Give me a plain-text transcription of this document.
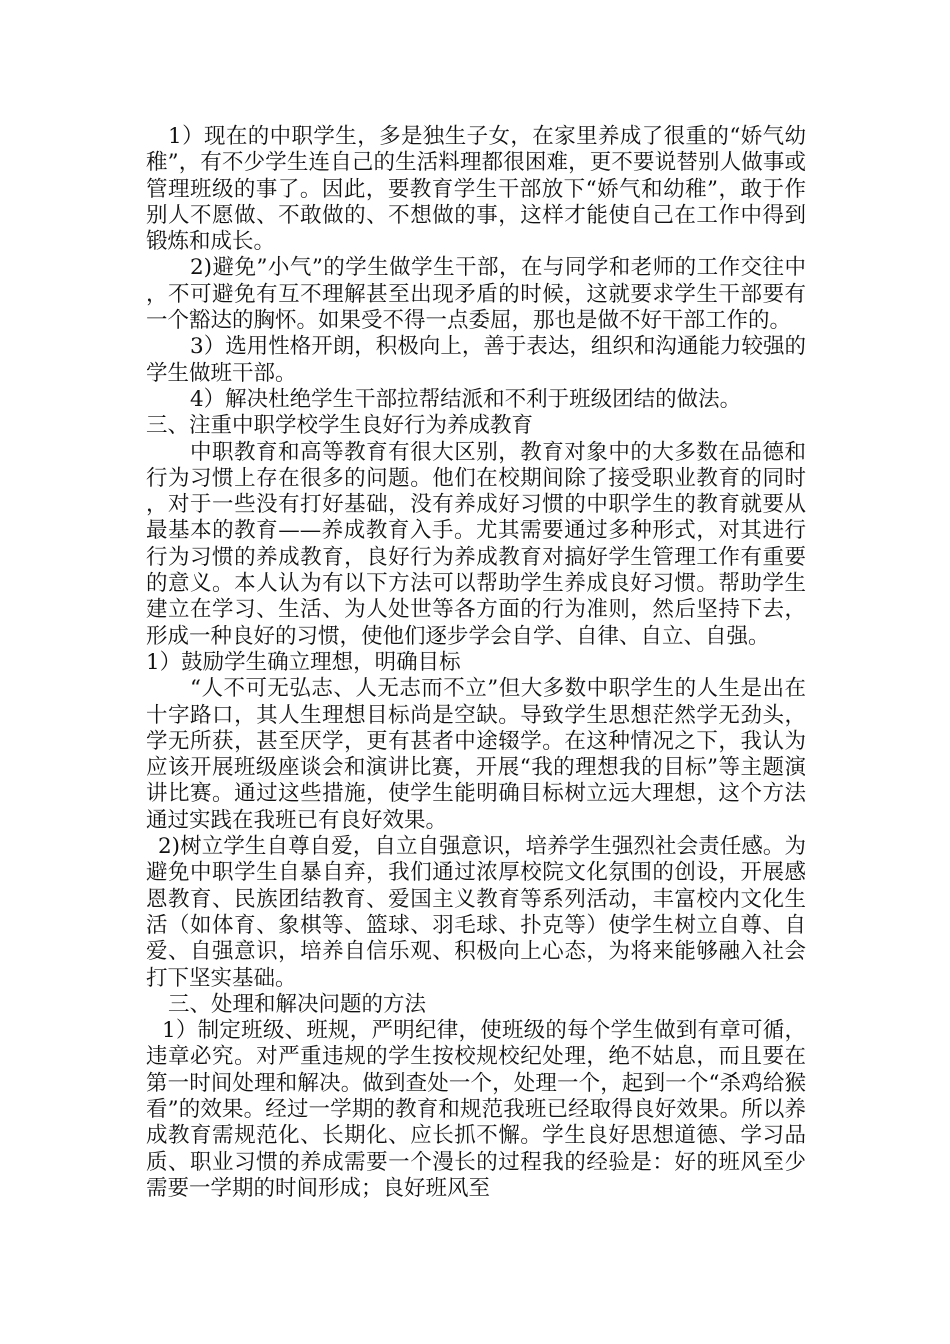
1）现在的中职学生，多是独生子女，在家里养成了很重的“娇气幼稚”，有不少学生连自己的生活料理都很困难，更不要说替别人做事或管理班级的事了。因此，要教育学生干部放下“娇气和幼稚”，敢于作别人不愿做、不敢做的、不想做的事，这样才能使自己在工作中得到锻炼和成长。

2)避免”小气”的学生做学生干部，在与同学和老师的工作交往中，不可避免有互不理解甚至出现矛盾的时候，这就要求学生干部要有一个豁达的胸怀。如果受不得一点委屈，那也是做不好干部工作的。

3）选用性格开朗，积极向上，善于表达，组织和沟通能力较强的学生做班干部。

4）解决杜绝学生干部拉帮结派和不利于班级团结的做法。

三、注重中职学校学生良好行为养成教育

中职教育和高等教育有很大区别，教育对象中的大多数在品德和行为习惯上存在很多的问题。他们在校期间除了接受职业教育的同时，对于一些没有打好基础，没有养成好习惯的中职学生的教育就要从最基本的教育——养成教育入手。尤其需要通过多种形式，对其进行行为习惯的养成教育，良好行为养成教育对搞好学生管理工作有重要的意义。本人认为有以下方法可以帮助学生养成良好习惯。帮助学生建立在学习、生活、为人处世等各方面的行为准则，然后坚持下去，形成一种良好的习惯，使他们逐步学会自学、自律、自立、自强。

1）鼓励学生确立理想，明确目标

“人不可无弘志、人无志而不立”但大多数中职学生的人生是出在十字路口，其人生理想目标尚是空缺。导致学生思想茫然学无劲头，学无所获，甚至厌学，更有甚者中途辍学。在这种情况之下，我认为应该开展班级座谈会和演讲比赛，开展“我的理想我的目标”等主题演讲比赛。通过这些措施，使学生能明确目标树立远大理想，这个方法通过实践在我班已有良好效果。

2)树立学生自尊自爱，自立自强意识，培养学生强烈社会责任感。为避免中职学生自暴自弃，我们通过浓厚校院文化氛围的创设，开展感恩教育、民族团结教育、爱国主义教育等系列活动，丰富校内文化生活（如体育、象棋等、篮球、羽毛球、扑克等）使学生树立自尊、自爱、自强意识，培养自信乐观、积极向上心态，为将来能够融入社会打下坚实基础。

三、处理和解决问题的方法

1）制定班级、班规，严明纪律，使班级的每个学生做到有章可循，违章必究。对严重违规的学生按校规校纪处理，绝不姑息，而且要在第一时间处理和解决。做到查处一个，处理一个，起到一个“杀鸡给猴看”的效果。经过一学期的教育和规范我班已经取得良好效果。所以养成教育需规范化、长期化、应长抓不懈。学生良好思想道德、学习品质、职业习惯的养成需要一个漫长的过程我的经验是：好的班风至少需要一学期的时间形成；良好班风至
